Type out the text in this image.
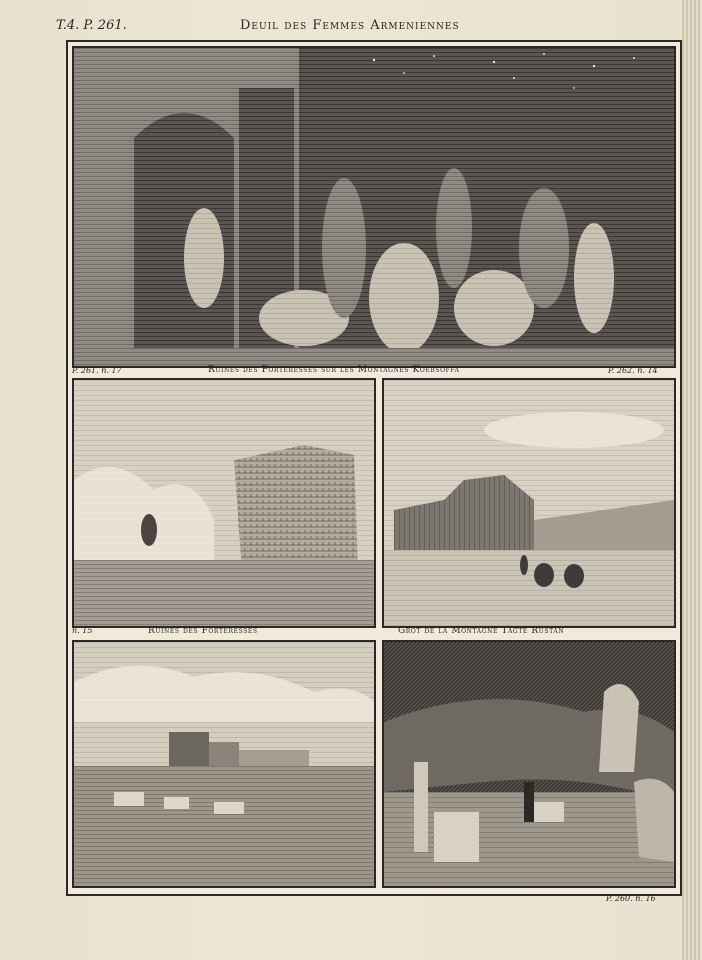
T.4. P. 261.	Deuil des Femmes Armeniennes
P. 261. n. 17	Ruines des Forteresses sur les Montagnes Koebsoffa	P. 262. n. 14
n. 15	Ruines des Forteresses	Grot de la Montagne Tagte Rustan
P. 260. n. 16
